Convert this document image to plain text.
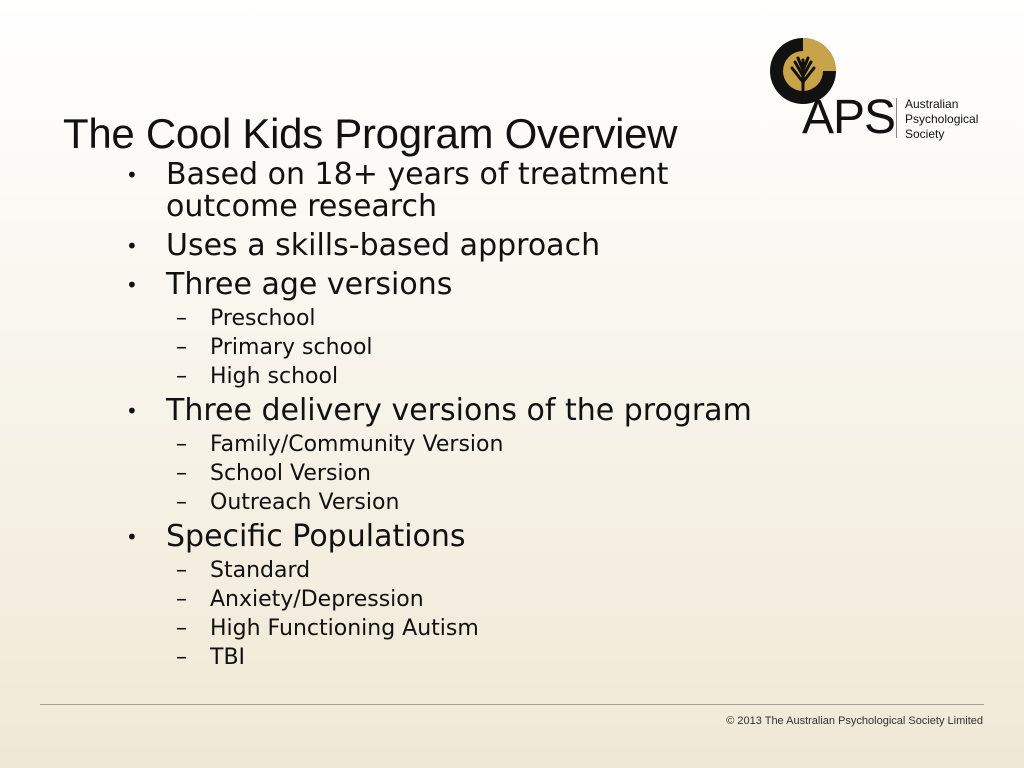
APS Australian
Psychological
Society
The Cool Kids Program Overview
• Based on 18+ years of treatment
outcome research
• Uses a skills-based approach
• Three age versions
– Preschool
– Primary school
– High school
• Three delivery versions of the program
– Family/Community Version
– School Version
– Outreach Version
• Specific Populations
– Standard
– Anxiety/Depression
– High Functioning Autism
– TBI
© 2013 The Australian Psychological Society Limited
